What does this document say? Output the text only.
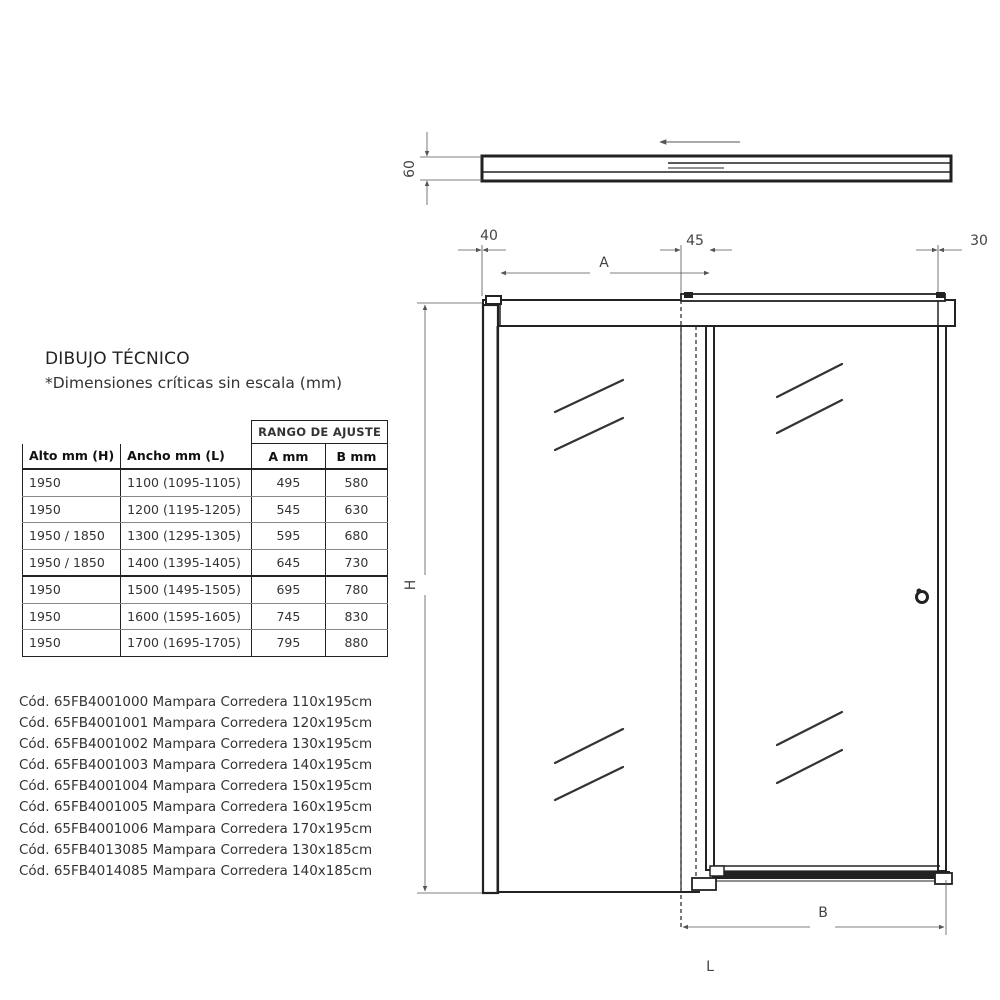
DIBUJO TÉCNICO
*Dimensiones críticas sin escala (mm)
		RANGO DE AJUSTE	
Alto mm (H)	Ancho mm (L)	A mm	B mm
1950	1100 (1095-1105)	495	580
1950	1200 (1195-1205)	545	630
1950 / 1850	1300 (1295-1305)	595	680
1950 / 1850	1400 (1395-1405)	645	730
1950	1500 (1495-1505)	695	780
1950	1600 (1595-1605)	745	830
1950	1700 (1695-1705)	795	880
Cód. 65FB4001000 Mampara Corredera 110x195cm
Cód. 65FB4001001 Mampara Corredera 120x195cm
Cód. 65FB4001002 Mampara Corredera 130x195cm
Cód. 65FB4001003 Mampara Corredera 140x195cm
Cód. 65FB4001004 Mampara Corredera 150x195cm
Cód. 65FB4001005 Mampara Corredera 160x195cm
Cód. 65FB4001006 Mampara Corredera 170x195cm
Cód. 65FB4013085 Mampara Corredera 130x185cm
Cód. 65FB4014085 Mampara Corredera 140x185cm
60
40	45	30
A
H
B
L
